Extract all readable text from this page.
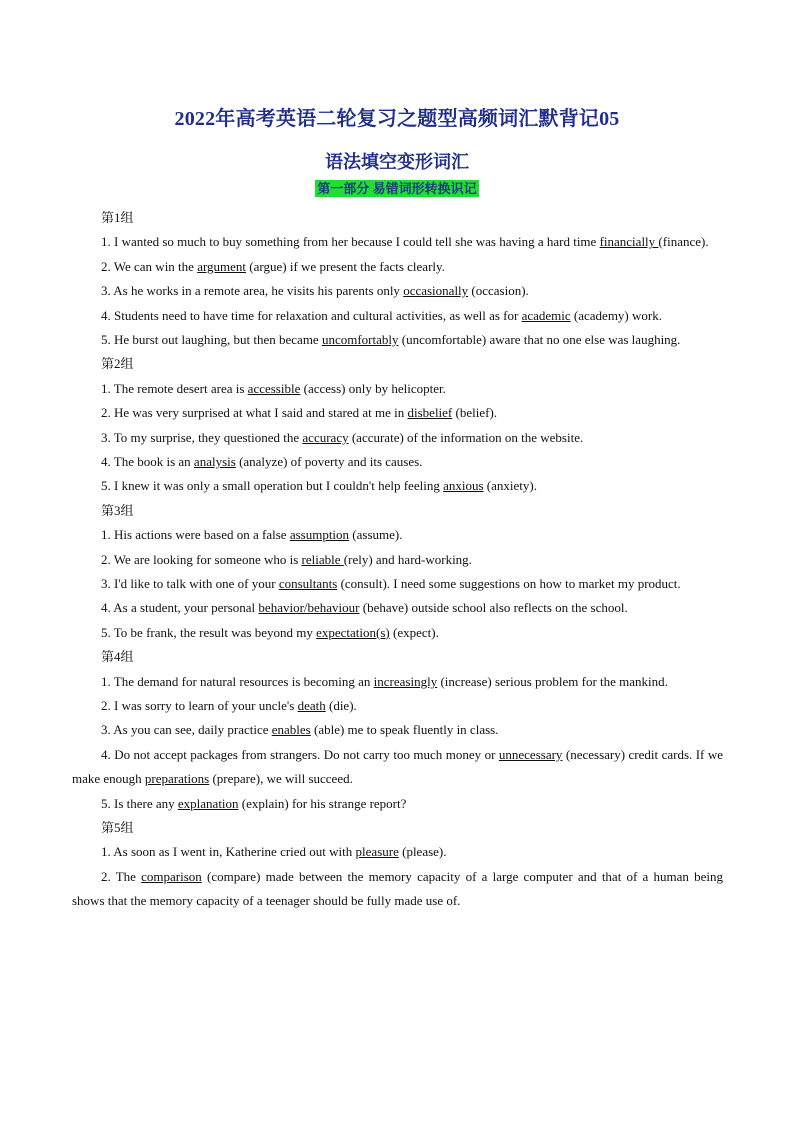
2022年高考英语二轮复习之题型高频词汇默背记05
语法填空变形词汇
第一部分 易错词形转换识记
第1组
1. I wanted so much to buy something from her because I could tell she was having a hard time financially (finance).
2. We can win the argument (argue) if we present the facts clearly.
3. As he works in a remote area, he visits his parents only occasionally (occasion).
4. Students need to have time for relaxation and cultural activities, as well as for academic (academy) work.
5. He burst out laughing, but then became uncomfortably (uncomfortable) aware that no one else was laughing.
第2组
1. The remote desert area is accessible (access) only by helicopter.
2. He was very surprised at what I said and stared at me in disbelief (belief).
3. To my surprise, they questioned the accuracy (accurate) of the information on the website.
4. The book is an analysis (analyze) of poverty and its causes.
5. I knew it was only a small operation but I couldn't help feeling anxious (anxiety).
第3组
1. His actions were based on a false assumption (assume).
2. We are looking for someone who is reliable (rely) and hard-working.
3. I'd like to talk with one of your consultants (consult). I need some suggestions on how to market my product.
4. As a student, your personal behavior/behaviour (behave) outside school also reflects on the school.
5. To be frank, the result was beyond my expectation(s) (expect).
第4组
1. The demand for natural resources is becoming an increasingly (increase) serious problem for the mankind.
2. I was sorry to learn of your uncle's death (die).
3. As you can see, daily practice enables (able) me to speak fluently in class.
4. Do not accept packages from strangers. Do not carry too much money or unnecessary (necessary) credit cards. If we make enough preparations (prepare), we will succeed.
5. Is there any explanation (explain) for his strange report?
第5组
1. As soon as I went in, Katherine cried out with pleasure (please).
2. The comparison (compare) made between the memory capacity of a large computer and that of a human being shows that the memory capacity of a teenager should be fully made use of.
